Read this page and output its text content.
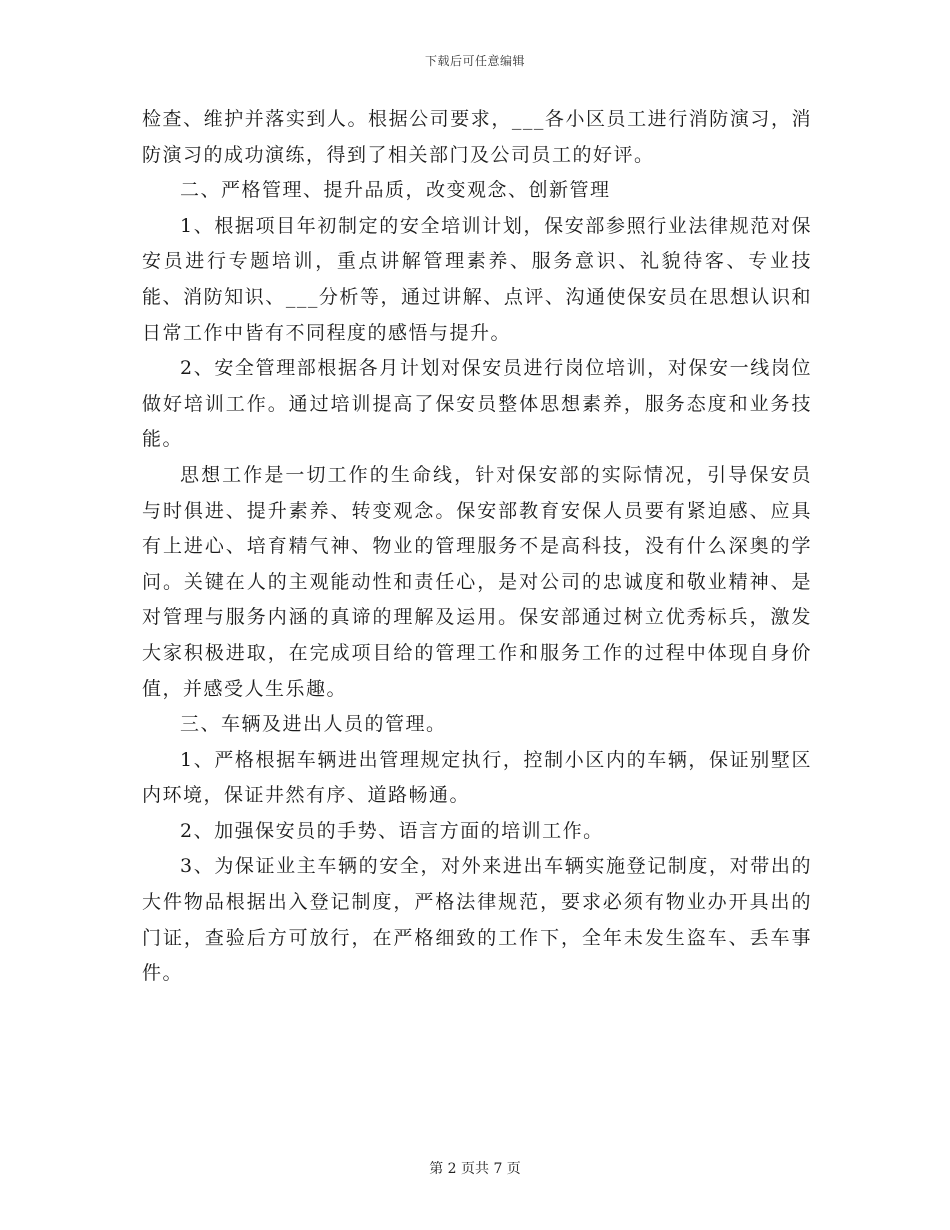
下载后可任意编辑

检查、维护并落实到人。根据公司要求，___各小区员工进行消防演习，消防演习的成功演练，得到了相关部门及公司员工的好评。

二、严格管理、提升品质，改变观念、创新管理

1、根据项目年初制定的安全培训计划，保安部参照行业法律规范对保安员进行专题培训，重点讲解管理素养、服务意识、礼貌待客、专业技能、消防知识、___分析等，通过讲解、点评、沟通使保安员在思想认识和日常工作中皆有不同程度的感悟与提升。

2、安全管理部根据各月计划对保安员进行岗位培训，对保安一线岗位做好培训工作。通过培训提高了保安员整体思想素养，服务态度和业务技能。

思想工作是一切工作的生命线，针对保安部的实际情况，引导保安员与时俱进、提升素养、转变观念。保安部教育安保人员要有紧迫感、应具有上进心、培育精气神、物业的管理服务不是高科技，没有什么深奥的学问。关键在人的主观能动性和责任心，是对公司的忠诚度和敬业精神、是对管理与服务内涵的真谛的理解及运用。保安部通过树立优秀标兵，激发大家积极进取，在完成项目给的管理工作和服务工作的过程中体现自身价值，并感受人生乐趣。

三、车辆及进出人员的管理。

1、严格根据车辆进出管理规定执行，控制小区内的车辆，保证别墅区内环境，保证井然有序、道路畅通。

2、加强保安员的手势、语言方面的培训工作。

3、为保证业主车辆的安全，对外来进出车辆实施登记制度，对带出的大件物品根据出入登记制度，严格法律规范，要求必须有物业办开具出的门证，查验后方可放行，在严格细致的工作下，全年未发生盗车、丢车事件。

第 2 页共 7 页
